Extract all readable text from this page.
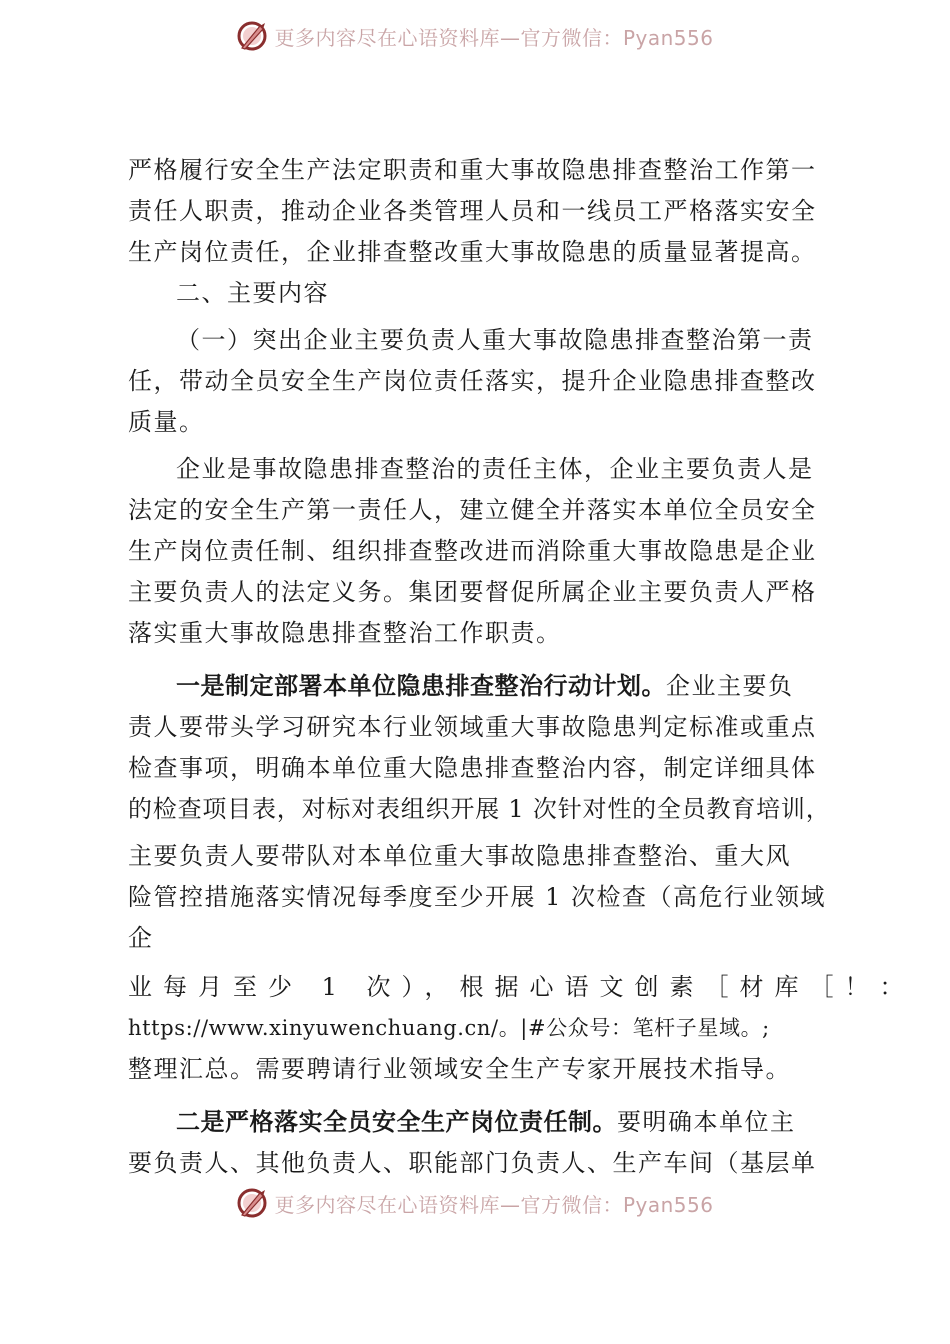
更多内容尽在心语资料库—官方微信：Pyan556
严格履行安全生产法定职责和重大事故隐患排查整治工作第一
责任人职责，推动企业各类管理人员和一线员工严格落实安全
生产岗位责任，企业排查整改重大事故隐患的质量显著提高。
二、主要内容
（一）突出企业主要负责人重大事故隐患排查整治第一责
任，带动全员安全生产岗位责任落实，提升企业隐患排查整改
质量。
企业是事故隐患排查整治的责任主体，企业主要负责人是
法定的安全生产第一责任人，建立健全并落实本单位全员安全
生产岗位责任制、组织排查整改进而消除重大事故隐患是企业
主要负责人的法定义务。集团要督促所属企业主要负责人严格
落实重大事故隐患排查整治工作职责。
一是制定部署本单位隐患排查整治行动计划。企业主要负
责人要带头学习研究本行业领域重大事故隐患判定标准或重点
检查事项，明确本单位重大隐患排查整治内容，制定详细具体
的检查项目表，对标对表组织开展 1 次针对性的全员教育培训，
主要负责人要带队对本单位重大事故隐患排查整治、重大风
险管控措施落实情况每季度至少开展 1 次检查（高危行业领域
企
业每月至少 1 次），根据心语文创素［材库［！：
https://www.xinyuwenchuang.cn/。|#公众号：笔杆子星域。;
整理汇总。需要聘请行业领域安全生产专家开展技术指导。
二是严格落实全员安全生产岗位责任制。要明确本单位主
要负责人、其他负责人、职能部门负责人、生产车间（基层单
更多内容尽在心语资料库—官方微信：Pyan556
